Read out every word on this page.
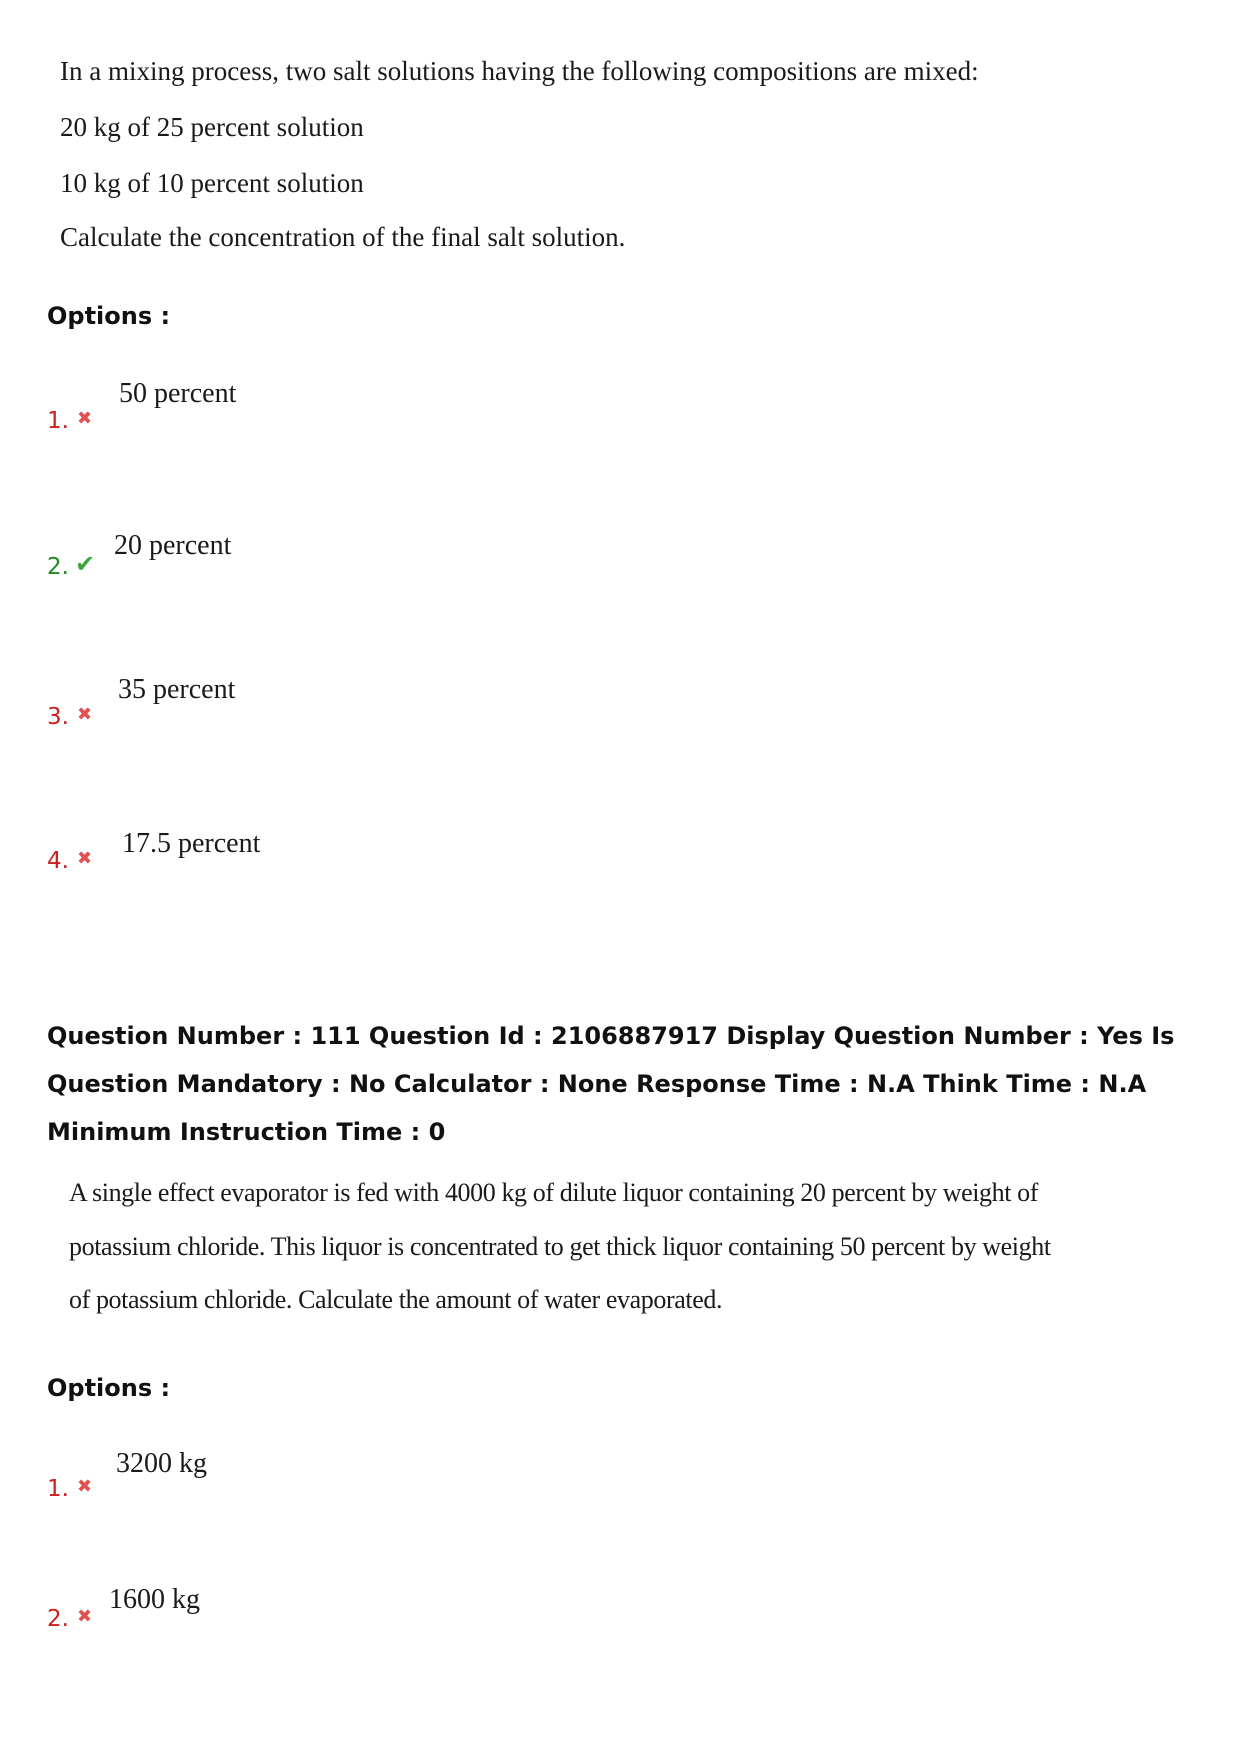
In a mixing process, two salt solutions having the following compositions are mixed:
20 kg of 25 percent solution
10 kg of 10 percent solution
Calculate the concentration of the final salt solution.
Options :
1. ✖
50 percent
2. ✔
20 percent
3. ✖
35 percent
4. ✖ 17.5 percent
Question Number : 111 Question Id : 2106887917 Display Question Number : Yes Is Question Mandatory : No Calculator : None Response Time : N.A Think Time : N.A Minimum Instruction Time : 0
A single effect evaporator is fed with 4000 kg of dilute liquor containing 20 percent by weight of
potassium chloride. This liquor is concentrated to get thick liquor containing 50 percent by weight
of potassium chloride. Calculate the amount of water evaporated.
Options :
1. ✖
3200 kg
2. ✖
1600 kg
